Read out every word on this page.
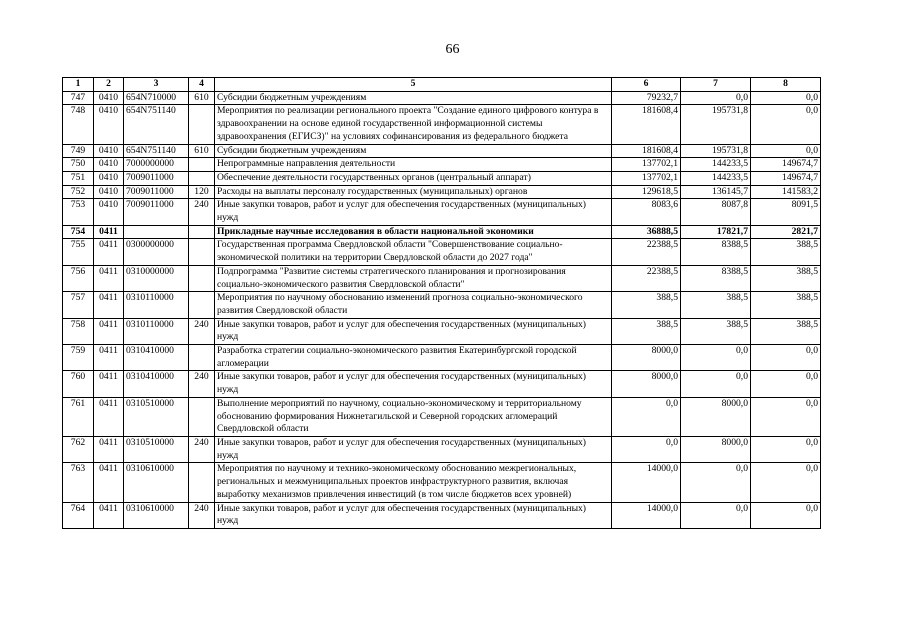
66
1	2	3	4	5	6	7	8
747	0410	654N710000	610	Субсидии бюджетным учреждениям	79232,7	0,0	0,0
748	0410	654N751140		Мероприятия по реализации регионального проекта "Создание единого цифрового контура в здравоохранении на основе единой государственной информационной системы здравоохранения (ЕГИСЗ)" на условиях софинансирования из федерального бюджета	181608,4	195731,8	0,0
749	0410	654N751140	610	Субсидии бюджетным учреждениям	181608,4	195731,8	0,0
750	0410	7000000000		Непрограммные направления деятельности	137702,1	144233,5	149674,7
751	0410	7009011000		Обеспечение деятельности государственных органов (центральный аппарат)	137702,1	144233,5	149674,7
752	0410	7009011000	120	Расходы на выплаты персоналу государственных (муниципальных) органов	129618,5	136145,7	141583,2
753	0410	7009011000	240	Иные закупки товаров, работ и услуг для обеспечения государственных (муниципальных) нужд	8083,6	8087,8	8091,5
754	0411			Прикладные научные исследования в области национальной экономики	36888,5	17821,7	2821,7
755	0411	0300000000		Государственная программа Свердловской области "Совершенствование социально-экономической политики на территории Свердловской области до 2027 года"	22388,5	8388,5	388,5
756	0411	0310000000		Подпрограмма "Развитие системы стратегического планирования и прогнозирования социально-экономического развития Свердловской области"	22388,5	8388,5	388,5
757	0411	0310110000		Мероприятия по научному обоснованию изменений прогноза социально-экономического развития Свердловской области	388,5	388,5	388,5
758	0411	0310110000	240	Иные закупки товаров, работ и услуг для обеспечения государственных (муниципальных) нужд	388,5	388,5	388,5
759	0411	0310410000		Разработка стратегии социально-экономического развития Екатеринбургской городской агломерации	8000,0	0,0	0,0
760	0411	0310410000	240	Иные закупки товаров, работ и услуг для обеспечения государственных (муниципальных) нужд	8000,0	0,0	0,0
761	0411	0310510000		Выполнение мероприятий по научному, социально-экономическому и территориальному обоснованию формирования Нижнетагильской и Северной городских агломераций Свердловской области	0,0	8000,0	0,0
762	0411	0310510000	240	Иные закупки товаров, работ и услуг для обеспечения государственных (муниципальных) нужд	0,0	8000,0	0,0
763	0411	0310610000		Мероприятия по научному и технико-экономическому обоснованию межрегиональных, региональных и межмуниципальных проектов инфраструктурного развития, включая выработку механизмов привлечения инвестиций (в том числе бюджетов всех уровней)	14000,0	0,0	0,0
764	0411	0310610000	240	Иные закупки товаров, работ и услуг для обеспечения государственных (муниципальных) нужд	14000,0	0,0	0,0
